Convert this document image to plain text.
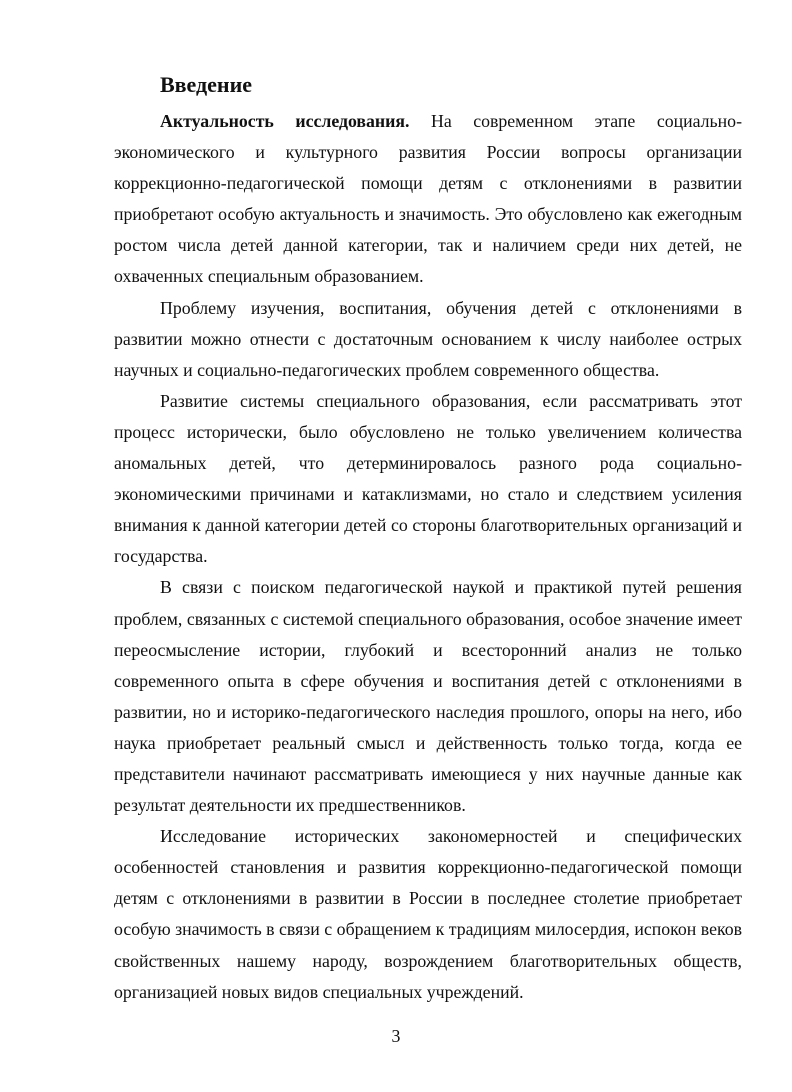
Введение

Актуальность исследования. На современном этапе социально-экономического и культурного развития России вопросы организации коррекционно-педагогической помощи детям с отклонениями в развитии приобретают особую актуальность и значимость. Это обусловлено как ежегодным ростом числа детей данной категории, так и наличием среди них детей, не охваченных специальным образованием.

Проблему изучения, воспитания, обучения детей с отклонениями в развитии можно отнести с достаточным основанием к числу наиболее острых научных и социально-педагогических проблем современного общества.

Развитие системы специального образования, если рассматривать этот процесс исторически, было обусловлено не только увеличением количества аномальных детей, что детерминировалось разного рода социально-экономическими причинами и катаклизмами, но стало и следствием усиления внимания к данной категории детей со стороны благотворительных организаций и государства.

В связи с поиском педагогической наукой и практикой путей решения проблем, связанных с системой специального образования, особое значение имеет переосмысление истории, глубокий и всесторонний анализ не только современного опыта в сфере обучения и воспитания детей с отклонениями в развитии, но и историко-педагогического наследия прошлого, опоры на него, ибо наука приобретает реальный смысл и действенность только тогда, когда ее представители начинают рассматривать имеющиеся у них научные данные как результат деятельности их предшественников.

Исследование исторических закономерностей и специфических особенностей становления и развития коррекционно-педагогической помощи детям с отклонениями в развитии в России в последнее столетие приобретает особую значимость в связи с обращением к традициям милосердия, испокон веков свойственных нашему народу, возрождением благотворительных обществ, организацией новых видов специальных учреждений.

3
